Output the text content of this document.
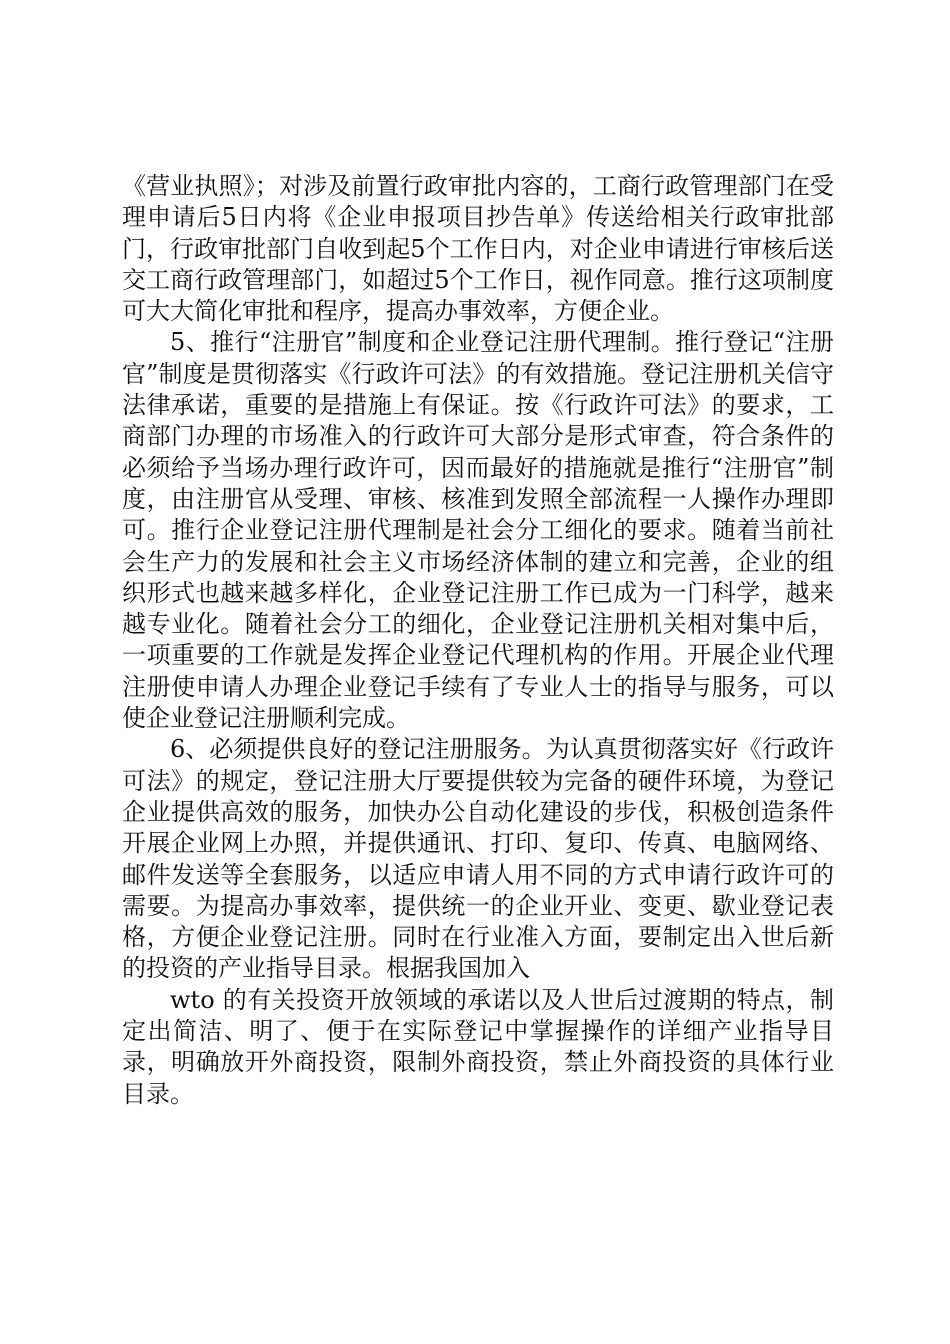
《营业执照》；对涉及前置行政审批内容的，工商行政管理部门在受理申请后5日内将《企业申报项目抄告单》传送给相关行政审批部门，行政审批部门自收到起5个工作日内，对企业申请进行审核后送交工商行政管理部门，如超过5个工作日，视作同意。推行这项制度可大大简化审批和程序，提高办事效率，方便企业。

5、推行“注册官”制度和企业登记注册代理制。推行登记“注册官”制度是贯彻落实《行政许可法》的有效措施。登记注册机关信守法律承诺，重要的是措施上有保证。按《行政许可法》的要求，工商部门办理的市场准入的行政许可大部分是形式审查，符合条件的必须给予当场办理行政许可，因而最好的措施就是推行“注册官”制度，由注册官从受理、审核、核准到发照全部流程一人操作办理即可。推行企业登记注册代理制是社会分工细化的要求。随着当前社会生产力的发展和社会主义市场经济体制的建立和完善，企业的组织形式也越来越多样化，企业登记注册工作已成为一门科学，越来越专业化。随着社会分工的细化，企业登记注册机关相对集中后，一项重要的工作就是发挥企业登记代理机构的作用。开展企业代理注册使申请人办理企业登记手续有了专业人士的指导与服务，可以使企业登记注册顺利完成。

6、必须提供良好的登记注册服务。为认真贯彻落实好《行政许可法》的规定，登记注册大厅要提供较为完备的硬件环境，为登记企业提供高效的服务，加快办公自动化建设的步伐，积极创造条件开展企业网上办照，并提供通讯、打印、复印、传真、电脑网络、邮件发送等全套服务，以适应申请人用不同的方式申请行政许可的需要。为提高办事效率，提供统一的企业开业、变更、歇业登记表格，方便企业登记注册。同时在行业准入方面，要制定出入世后新的投资的产业指导目录。根据我国加入

wto 的有关投资开放领域的承诺以及人世后过渡期的特点，制定出简洁、明了、便于在实际登记中掌握操作的详细产业指导目录，明确放开外商投资，限制外商投资，禁止外商投资的具体行业目录。
